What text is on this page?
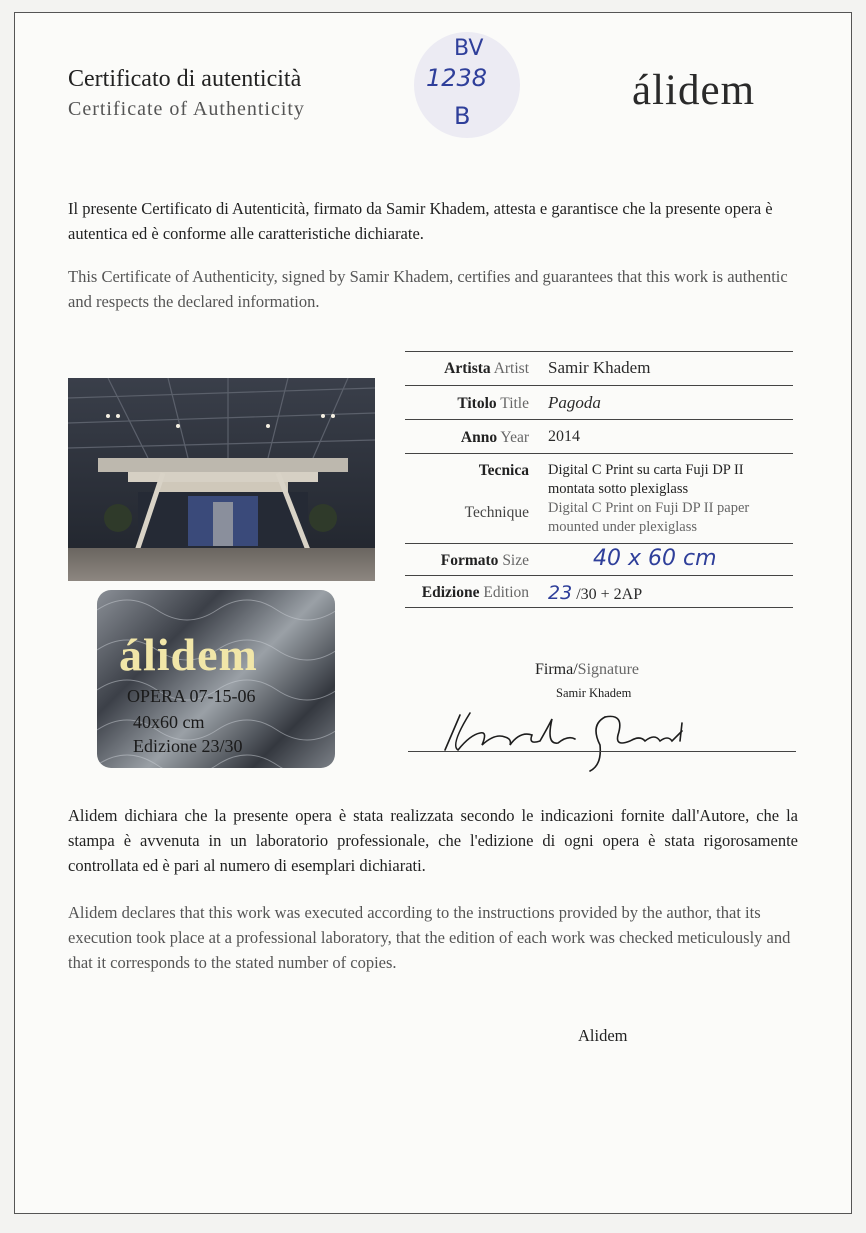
Certificato di autenticità
Certificate of Authenticity
BV
1238
B
álidem
Il presente Certificato di Autenticità, firmato da Samir Khadem, attesta e garantisce che la presente opera è autentica ed è conforme alle caratteristiche dichiarate.
This Certificate of Authenticity, signed by Samir Khadem, certifies and guarantees that this work is authentic and respects the declared information.
álidem
OPERA 07-15-06
40x60 cm
Edizione 23/30
Artista Artist Samir Khadem
Titolo Title Pagoda
Anno Year 2014
Tecnica
Technique
Digital C Print su carta Fuji DP II
montata sotto plexiglass
Digital C Print on Fuji DP II paper
mounted under plexiglass
Formato Size	40 x 60 cm
Edizione Edition 23 /30 + 2AP
Firma/Signature
Samir Khadem
Alidem dichiara che la presente opera è stata realizzata secondo le indicazioni fornite dall'Autore, che la stampa è avvenuta in un laboratorio professionale, che l'edizione di ogni opera è stata rigorosamente controllata ed è pari al numero di esemplari dichiarati.
Alidem declares that this work was executed according to the instructions provided by the author, that its execution took place at a professional laboratory, that the edition of each work was checked meticulously and that it corresponds to the stated number of copies.
Alidem
